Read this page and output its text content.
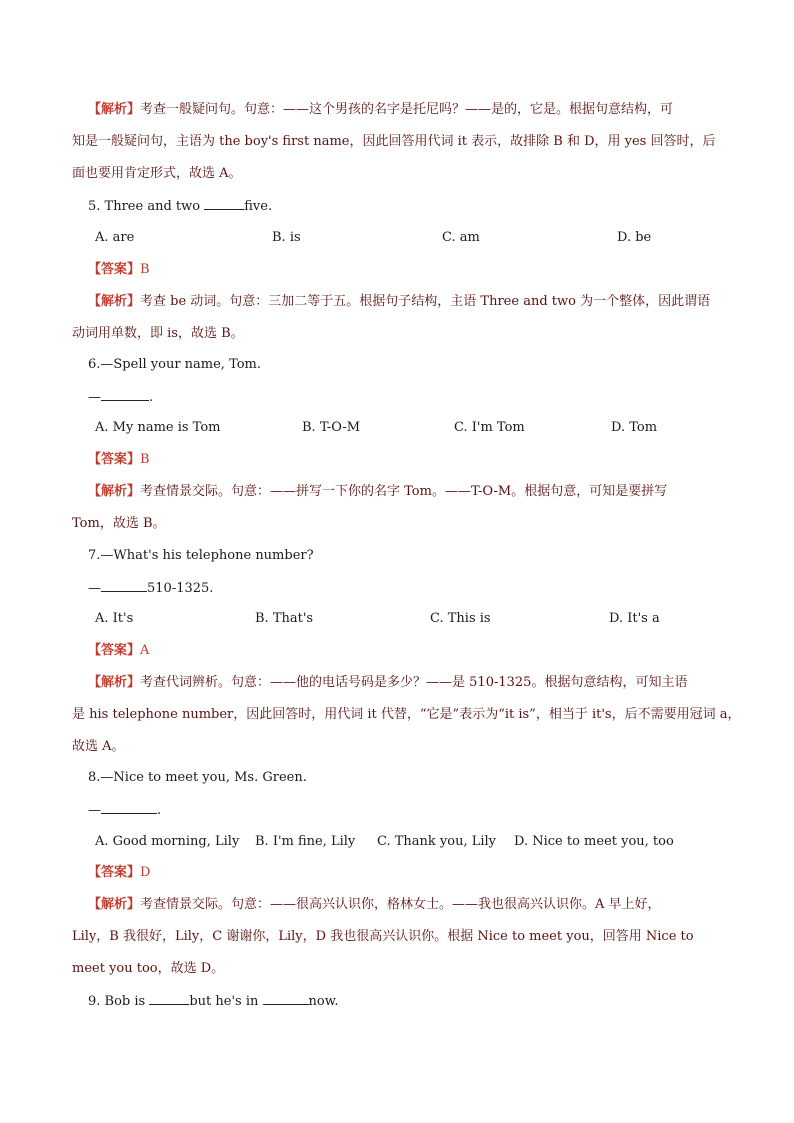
【解析】考查一般疑问句。句意：——这个男孩的名字是托尼吗？——是的，它是。根据句意结构，可
知是一般疑问句，主语为 the boy's first name，因此回答用代词 it 表示，故排除 B 和 D，用 yes 回答时，后
面也要用肯定形式，故选 A。
5. Three and two	five.
A. are	B. is	C. am	D. be
【答案】B
【解析】考查 be 动词。句意：三加二等于五。根据句子结构，主语 Three and two 为一个整体，因此谓语
动词用单数，即 is，故选 B。
6.—Spell your name, Tom.
—	.
A. My name is Tom	B. T-O-M	C. I'm Tom	D. Tom
【答案】B
【解析】考查情景交际。句意：——拼写一下你的名字 Tom。——T-O-M。根据句意，可知是要拼写
Tom，故选 B。
7.—What's his telephone number?
—	510-1325.
A. It's	B. That's	C. This is	D. It's a
【答案】A
【解析】考查代词辨析。句意：——他的电话号码是多少？——是 510-1325。根据句意结构，可知主语
是 his telephone number，因此回答时，用代词 it 代替，“它是”表示为“it is”，相当于 it's，后不需要用冠词 a，
故选 A。
8.—Nice to meet you, Ms. Green.
—	.
A. Good morning, Lily B. I'm fine, Lily C. Thank you, Lily D. Nice to meet you, too
【答案】D
【解析】考查情景交际。句意：——很高兴认识你，格林女士。——我也很高兴认识你。A 早上好，
Lily，B 我很好，Lily，C 谢谢你，Lily，D 我也很高兴认识你。根据 Nice to meet you，回答用 Nice to
meet you too，故选 D。
9. Bob is	but he's in	now.
